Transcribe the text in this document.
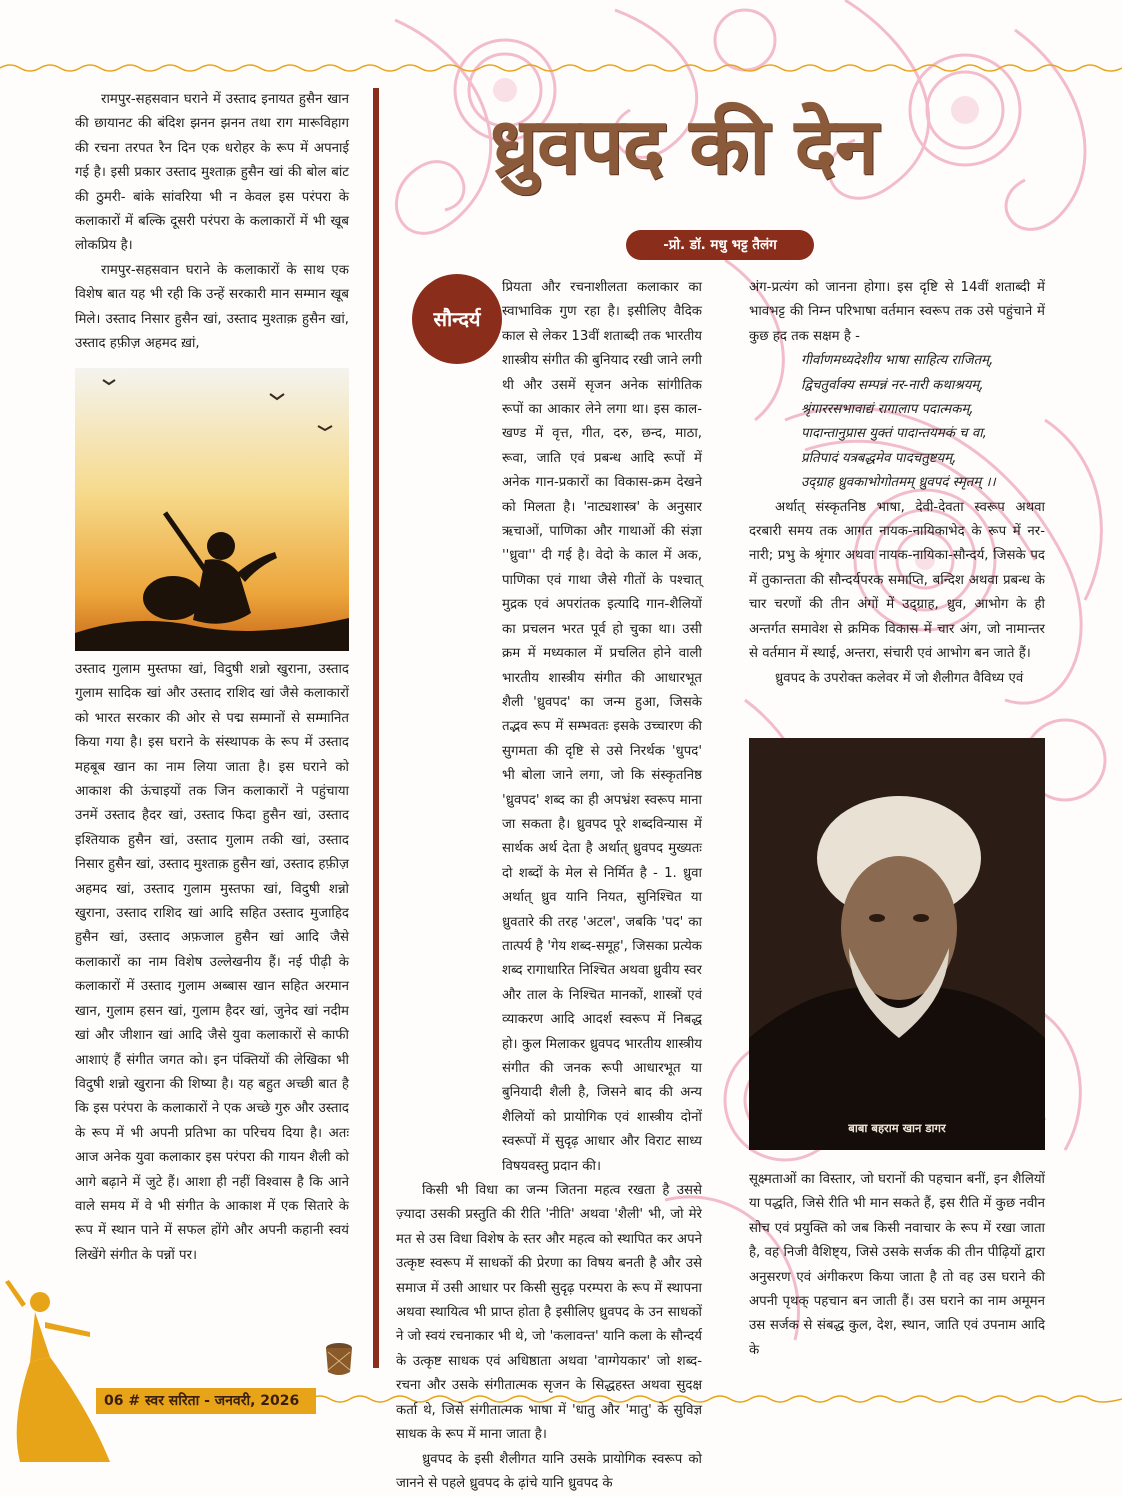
ध्रुवपद की देन
-प्रो. डॉ. मधु भट्ट तैलंग
सौन्दर्य

रामपुर-सहसवान घराने में उस्ताद इनायत हुसैन खान की छायानट की बंदिश झनन झनन तथा राग मारूविहाग की रचना तरपत रैन दिन एक धरोहर के रूप में अपनाई गई है। इसी प्रकार उस्ताद मुश्ताक़ हुसैन खां की बोल बांट की ठुमरी- बांके सांवरिया भी न केवल इस परंपरा के कलाकारों में बल्कि दूसरी परंपरा के कलाकारों में भी खूब लोकप्रिय है।

रामपुर-सहसवान घराने के कलाकारों के साथ एक विशेष बात यह भी रही कि उन्हें सरकारी मान सम्मान खूब मिले। उस्ताद निसार हुसैन खां, उस्ताद मुश्ताक़ हुसैन खां, उस्ताद हफ़ीज़ अहमद ख़ां,

उस्ताद गुलाम मुस्तफा खां, विदुषी शन्नो खुराना, उस्ताद गुलाम सादिक खां और उस्ताद राशिद खां जैसे कलाकारों को भारत सरकार की ओर से पद्म सम्मानों से सम्मानित किया गया है। इस घराने के संस्थापक के रूप में उस्ताद महबूब खान का नाम लिया जाता है। इस घराने को आकाश की ऊंचाइयों तक जिन कलाकारों ने पहुंचाया उनमें उस्ताद हैदर खां, उस्ताद फिदा हुसैन खां, उस्ताद इश्तियाक हुसैन खां, उस्ताद गुलाम तकी खां, उस्ताद निसार हुसैन खां, उस्ताद मुश्ताक़ हुसैन खां, उस्ताद हफ़ीज़ अहमद खां, उस्ताद गुलाम मुस्तफा खां, विदुषी शन्नो खुराना, उस्ताद राशिद खां आदि सहित उस्ताद मुजाहिद हुसैन खां, उस्ताद अफ़जाल हुसैन खां आदि जैसे कलाकारों का नाम विशेष उल्लेखनीय हैं। नई पीढ़ी के कलाकारों में उस्ताद गुलाम अब्बास खान सहित अरमान खान, गुलाम हसन खां, गुलाम हैदर खां, जुनेद खां नदीम खां और जीशान खां आदि जैसे युवा कलाकारों से काफी आशाएं हैं संगीत जगत को। इन पंक्तियों की लेखिका भी विदुषी शन्नो खुराना की शिष्या है। यह बहुत अच्छी बात है कि इस परंपरा के कलाकारों ने एक अच्छे गुरु और उस्ताद के रूप में भी अपनी प्रतिभा का परिचय दिया है। अतः आज अनेक युवा कलाकार इस परंपरा की गायन शैली को आगे बढ़ाने में जुटे हैं। आशा ही नहीं विश्वास है कि आने वाले समय में वे भी संगीत के आकाश में एक सितारे के रूप में स्थान पाने में सफल होंगे और अपनी कहानी स्वयं लिखेंगे संगीत के पन्नों पर।

प्रियता और रचनाशीलता कलाकार का स्वाभाविक गुण रहा है। इसीलिए वैदिक काल से लेकर 13वीं शताब्दी तक भारतीय शास्त्रीय संगीत की बुनियाद रखी जाने लगी थी और उसमें सृजन अनेक सांगीतिक रूपों का आकार लेने लगा था। इस काल-खण्ड में वृत्त, गीत, दरु, छन्द, माठा, रूवा, जाति एवं प्रबन्ध आदि रूपों में अनेक गान-प्रकारों का विकास-क्रम देखने को मिलता है। 'नाट्यशास्त्र' के अनुसार ऋचाओं, पाणिका और गाथाओं की संज्ञा ''ध्रुवा'' दी गई है। वेदो के काल में अक, पाणिका एवं गाथा जैसे गीतों के पश्चात् मुद्रक एवं अपरांतक इत्यादि गान-शैलियों का प्रचलन भरत पूर्व हो चुका था। उसी क्रम में मध्यकाल में प्रचलित होने वाली भारतीय शास्त्रीय संगीत की आधारभूत शैली 'ध्रुवपद' का जन्म हुआ, जिसके तद्भव रूप में सम्भवतः इसके उच्चारण की सुगमता की दृष्टि से उसे निरर्थक 'धुपद' भी बोला जाने लगा, जो कि संस्कृतनिष्ठ 'ध्रुवपद' शब्द का ही अपभ्रंश स्वरूप माना जा सकता है। ध्रुवपद पूरे शब्दविन्यास में सार्थक अर्थ देता है अर्थात् ध्रुवपद मुख्यतः दो शब्दों के मेल से निर्मित है - 1. ध्रुवा अर्थात् ध्रुव यानि नियत, सुनिश्चित या ध्रुवतारे की तरह 'अटल', जबकि 'पद' का तात्पर्य है 'गेय शब्द-समूह', जिसका प्रत्येक शब्द रागाधारित निश्चित अथवा ध्रुवीय स्वर और ताल के निश्चित मानकों, शास्त्रों एवं व्याकरण आदि आदर्श स्वरूप में निबद्ध हो। कुल मिलाकर ध्रुवपद भारतीय शास्त्रीय संगीत की जनक रूपी आधारभूत या बुनियादी शैली है, जिसने बाद की अन्य शैलियों को प्रायोगिक एवं शास्त्रीय दोनों स्वरूपों में सुदृढ़ आधार और विराट साध्य विषयवस्तु प्रदान की।

किसी भी विधा का जन्म जितना महत्व रखता है उससे ज़्यादा उसकी प्रस्तुति की रीति 'नीति' अथवा 'शैली' भी, जो मेरे मत से उस विधा विशेष के स्तर और महत्व को स्थापित कर अपने उत्कृष्ट स्वरूप में साधकों की प्रेरणा का विषय बनती है और उसे समाज में उसी आधार पर किसी सुदृढ़ परम्परा के रूप में स्थापना अथवा स्थायित्व भी प्राप्त होता है इसीलिए ध्रुवपद के उन साधकों ने जो स्वयं रचनाकार भी थे, जो 'कलावन्त' यानि कला के सौन्दर्य के उत्कृष्ट साधक एवं अधिष्ठाता अथवा 'वाग्गेयकार' जो शब्द-रचना और उसके संगीतात्मक सृजन के सिद्धहस्त अथवा सुदक्ष कर्ता थे, जिसे संगीतात्मक भाषा में 'धातु और 'मातु' के सुविज्ञ साधक के रूप में माना जाता है।

ध्रुवपद के इसी शैलीगत यानि उसके प्रायोगिक स्वरूप को जानने से पहले ध्रुवपद के ढ़ांचे यानि ध्रुवपद के

अंग-प्रत्यंग को जानना होगा। इस दृष्टि से 14वीं शताब्दी में भावभट्ट की निम्न परिभाषा वर्तमान स्वरूप तक उसे पहुंचाने में कुछ हद तक सक्षम है -

गीर्वाणमध्यदेशीय भाषा साहित्य राजितम्,

द्विचतुर्वाक्य सम्पन्नं नर-नारी कथाश्रयम्,

श्रृंगाररसभावाद्यं रागालाप पदात्मकम्,

पादान्तानुप्रास युक्तं पादान्तयमकं च वा,

प्रतिपादं यत्रबद्धमेव पादचतुष्टयम्,

उद्ग्राह ध्रुवकाभोगोतमम् ध्रुवपदं स्मृतम् ।।

अर्थात् संस्कृतनिष्ठ भाषा, देवी-देवता स्वरूप अथवा दरबारी समय तक आगत नायक-नायिकाभेद के रूप में नर-नारी; प्रभु के श्रृंगार अथवा नायक-नायिका-सौन्दर्य, जिसके पद में तुकान्तता की सौन्दर्यपरक समाप्ति, बन्दिश अथवा प्रबन्ध के चार चरणों की तीन अंगों में उद्ग्राह, ध्रुव, आभोग के ही अन्तर्गत समावेश से क्रमिक विकास में चार अंग, जो नामान्तर से वर्तमान में स्थाई, अन्तरा, संचारी एवं आभोग बन जाते हैं।

ध्रुवपद के उपरोक्त कलेवर में जो शैलीगत वैविध्य एवं

बाबा बहराम खान डागर

सूक्ष्मताओं का विस्तार, जो घरानों की पहचान बनीं, इन शैलियों या पद्धति, जिसे रीति भी मान सकते हैं, इस रीति में कुछ नवीन सोच एवं प्रयुक्ति को जब किसी नवाचार के रूप में रखा जाता है, वह निजी वैशिष्ट्य, जिसे उसके सर्जक की तीन पीढ़ियों द्वारा अनुसरण एवं अंगीकरण किया जाता है तो वह उस घराने की अपनी पृथक् पहचान बन जाती हैं। उस घराने का नाम अमूमन उस सर्जक से संबद्ध कुल, देश, स्थान, जाति एवं उपनाम आदि के

06 # स्वर सरिता - जनवरी, 2026
